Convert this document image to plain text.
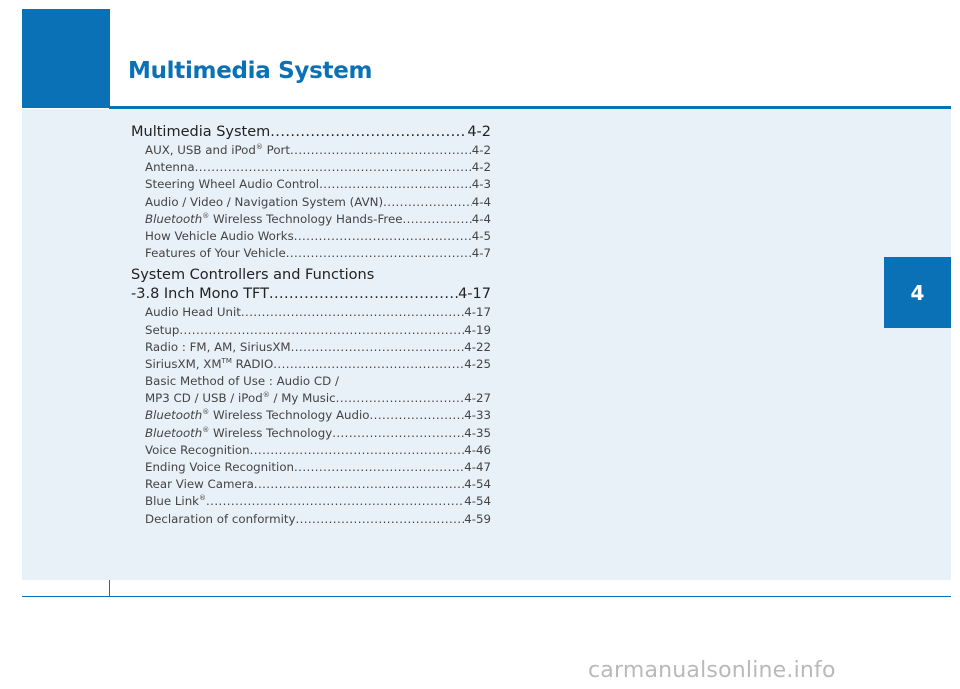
Multimedia System
4
Multimedia System .....	4-2
AUX, USB and iPod® Port .....	4-2
Antenna .....	4-2
Steering Wheel Audio Control .....	4-3
Audio / Video / Navigation System (AVN) .....	4-4
Bluetooth® Wireless Technology Hands-Free .....	4-4
How Vehicle Audio Works .....	4-5
Features of Your Vehicle .....	4-7
System Controllers and Functions
-3.8 Inch Mono TFT .....	4-17
Audio Head Unit .....	4-17
Setup .....	4-19
Radio : FM, AM, SiriusXM .....	4-22
SiriusXM, XM™ RADIO .....	4-25
Basic Method of Use : Audio CD /
MP3 CD / USB / iPod® / My Music .....	4-27
Bluetooth® Wireless Technology Audio .....	4-33
Bluetooth® Wireless Technology .....	4-35
Voice Recognition .....	4-46
Ending Voice Recognition .....	4-47
Rear View Camera .....	4-54
Blue Link® .....	4-54
Declaration of conformity .....	4-59
carmanualsonline.info
